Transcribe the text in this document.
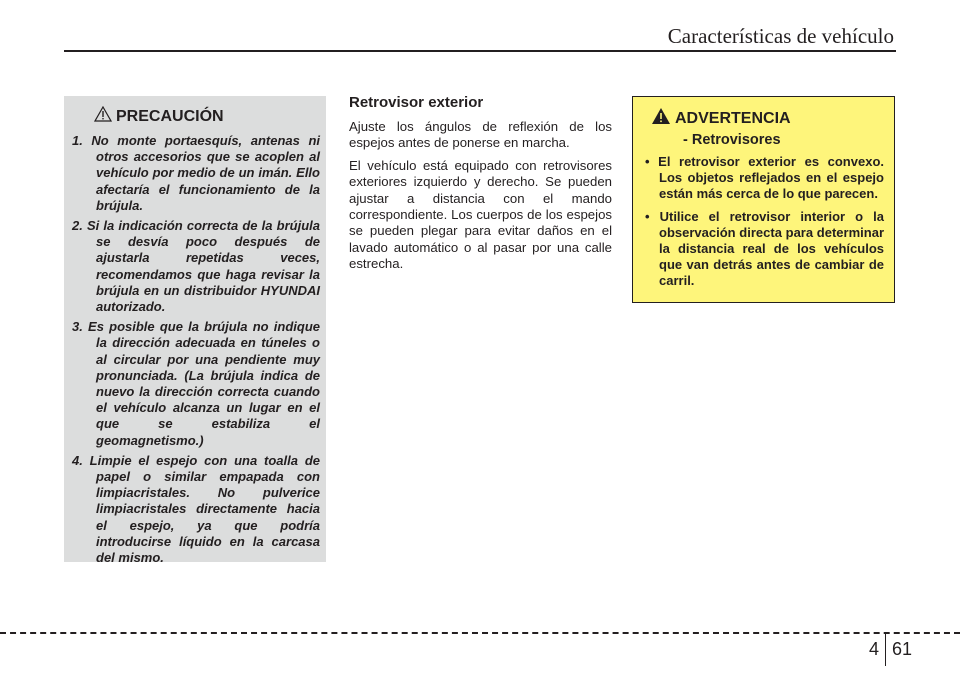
Características de vehículo
PRECAUCIÓN
1. No monte portaesquís, antenas ni otros accesorios que se acoplen al vehículo por medio de un imán. Ello afectaría el funcionamiento de la brújula.
2. Si la indicación correcta de la brújula se desvía poco después de ajustarla repetidas veces, recomendamos que haga revisar la brújula en un distribuidor HYUNDAI autorizado.
3. Es posible que la brújula no indique la dirección adecuada en túneles o al circular por una pendiente muy pronunciada. (La brújula indica de nuevo la dirección correcta cuando el vehículo alcanza un lugar en el que se estabiliza el geomagnetismo.)
4. Limpie el espejo con una toalla de papel o similar empapada con limpiacristales. No pulverice limpiacristales directamente hacia el espejo, ya que podría introducirse líquido en la carcasa del mismo.
Retrovisor exterior

Ajuste los ángulos de reflexión de los espejos antes de ponerse en marcha.

El vehículo está equipado con retrovisores exteriores izquierdo y derecho. Se pueden ajustar a distancia con el mando correspondiente. Los cuerpos de los espejos se pueden plegar para evitar daños en el lavado automático o al pasar por una calle estrecha.

ADVERTENCIA
- Retrovisores
• El retrovisor exterior es convexo. Los objetos reflejados en el espejo están más cerca de lo que parecen.
• Utilice el retrovisor interior o la observación directa para determinar la distancia real de los vehículos que van detrás antes de cambiar de carril.
4 61
